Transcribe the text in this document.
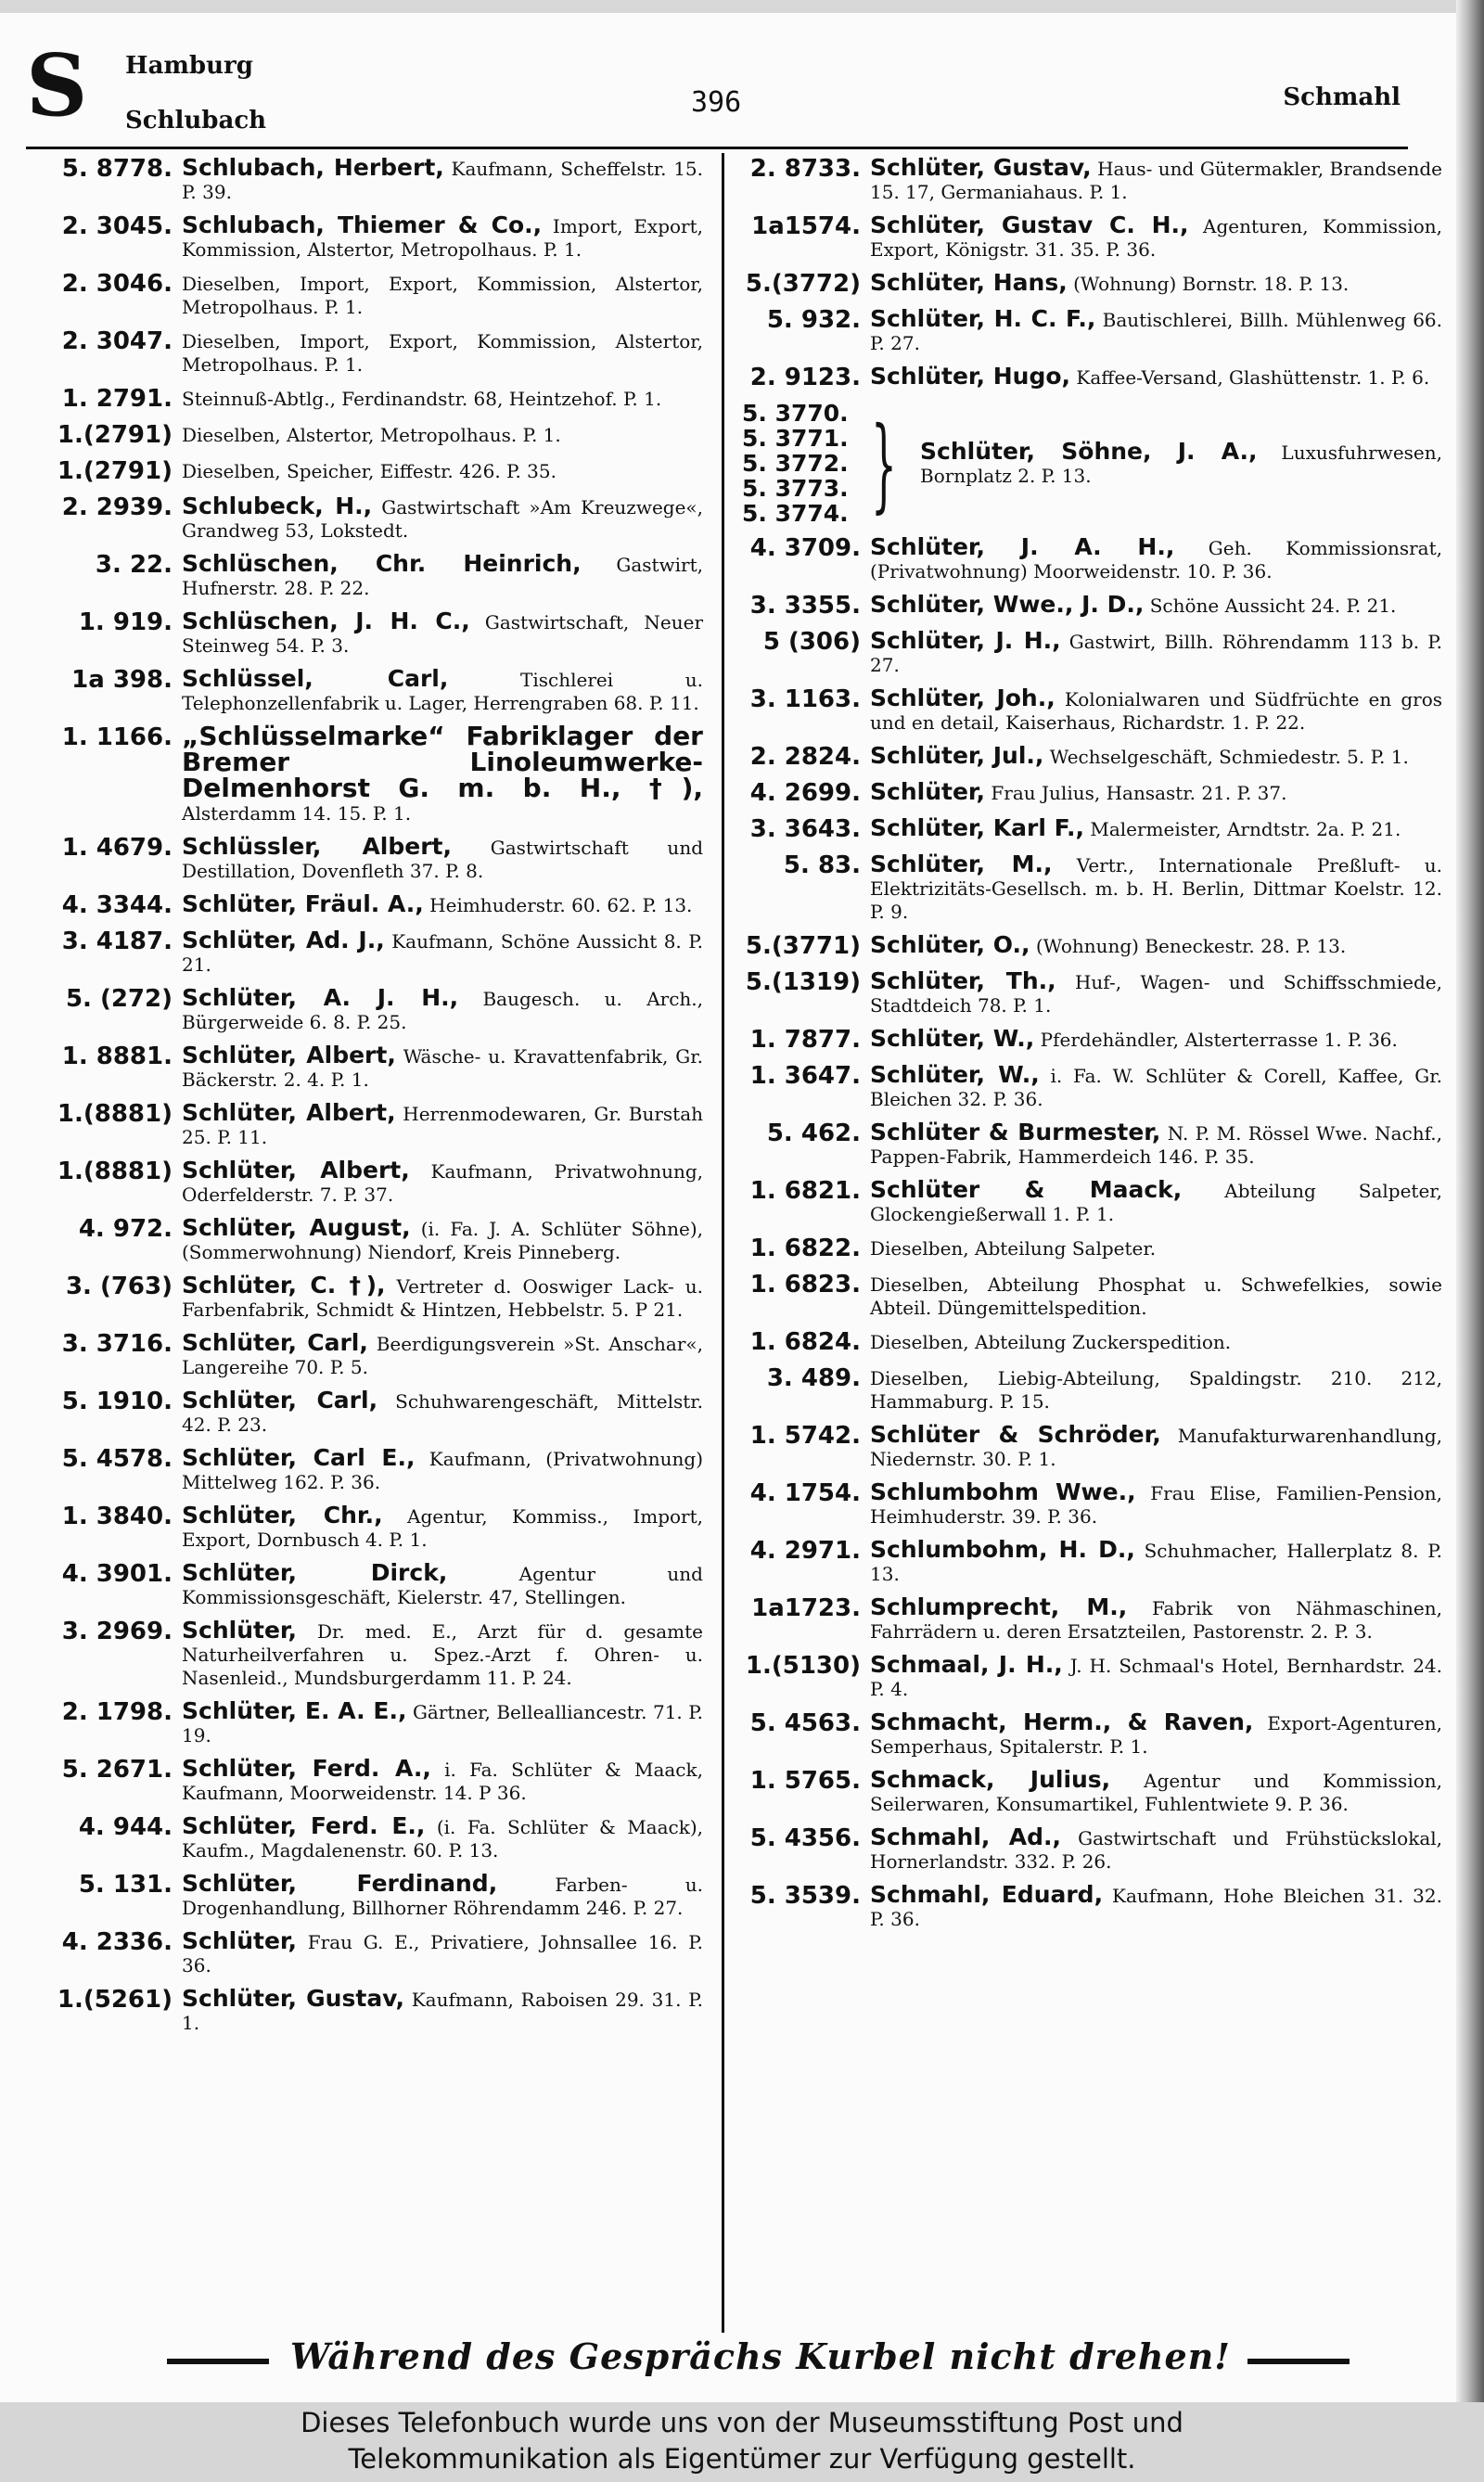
S Hamburg
Schlubach
396	Schmahl
5. 8778. Schlubach, Herbert, Kaufmann, Scheffelstr. 15. P. 39.
2. 3045. Schlubach, Thiemer & Co., Import, Export, Kommission, Alstertor, Metropolhaus. P. 1.
2. 3046. Dieselben, Import, Export, Kommission, Alstertor, Metropolhaus. P. 1.
2. 3047. Dieselben, Import, Export, Kommission, Alstertor, Metropolhaus. P. 1.
1. 2791. Steinnuß-Abtlg., Ferdinandstr. 68, Heintzehof. P. 1.
1.(2791) Dieselben, Alstertor, Metropolhaus. P. 1.
1.(2791) Dieselben, Speicher, Eiffestr. 426. P. 35.
2. 2939. Schlubeck, H., Gastwirtschaft »Am Kreuzwege«, Grandweg 53, Lokstedt.
3. 22. Schlüschen, Chr. Heinrich, Gastwirt, Hufnerstr. 28. P. 22.
1. 919. Schlüschen, J. H. C., Gastwirtschaft, Neuer Steinweg 54. P. 3.
1a 398. Schlüssel, Carl,	Tischlerei u. Telephonzellenfabrik u. Lager, Herrengraben 68. P. 11.
1. 1166. „Schlüsselmarke“ Fabriklager der Bremer Linoleumwerke-Delmenhorst G. m. b. H., †), Alsterdamm 14. 15. P. 1.
1. 4679. Schlüssler, Albert, Gastwirtschaft und Destillation, Dovenfleth 37. P. 8.
4. 3344. Schlüter, Fräul. A., Heimhuderstr. 60. 62. P. 13.
3. 4187. Schlüter, Ad. J., Kaufmann, Schöne Aussicht 8. P. 21.
5. (272) Schlüter, A. J. H., Baugesch. u. Arch., Bürgerweide 6. 8. P. 25.
1. 8881. Schlüter, Albert, Wäsche- u. Kravattenfabrik, Gr. Bäckerstr. 2. 4. P. 1.
1.(8881) Schlüter, Albert, Herrenmodewaren, Gr. Burstah 25. P. 11.
1.(8881) Schlüter, Albert, Kaufmann, Privatwohnung, Oderfelderstr. 7. P. 37.
4. 972. Schlüter, August, (i. Fa. J. A. Schlüter Söhne), (Sommerwohnung) Niendorf, Kreis Pinneberg.
3. (763) Schlüter, C. †), Vertreter d. Ooswiger Lack- u. Farbenfabrik, Schmidt & Hintzen, Hebbelstr. 5. P 21.
3. 3716. Schlüter, Carl, Beerdigungsverein »St. Anschar«, Langereihe 70. P. 5.
5. 1910. Schlüter, Carl, Schuhwarengeschäft, Mittelstr. 42. P. 23.
5. 4578. Schlüter, Carl E., Kaufmann, (Privatwohnung) Mittelweg 162. P. 36.
1. 3840. Schlüter, Chr., Agentur, Kommiss., Import, Export, Dornbusch 4. P. 1.
4. 3901. Schlüter, Dirck,	Agentur und Kommissionsgeschäft, Kielerstr. 47, Stellingen.
3. 2969. Schlüter, Dr. med. E., Arzt für d. gesamte Naturheilverfahren u. Spez.-Arzt f. Ohren- u. Nasenleid., Mundsburgerdamm 11. P. 24.
2. 1798. Schlüter, E. A. E., Gärtner, Bellealliancestr. 71. P. 19.
5. 2671. Schlüter, Ferd. A., i. Fa. Schlüter & Maack, Kaufmann, Moorweidenstr. 14. P 36.
4. 944. Schlüter, Ferd. E., (i. Fa. Schlüter & Maack), Kaufm., Magdalenenstr. 60. P. 13.
5. 131. Schlüter, Ferdinand,	Farben- u. Drogenhandlung, Billhorner Röhrendamm 246. P. 27.
4. 2336. Schlüter, Frau G. E., Privatiere, Johnsallee 16. P. 36.
1.(5261) Schlüter, Gustav, Kaufmann, Raboisen 29. 31. P. 1.
2. 8733. Schlüter, Gustav, Haus- und Gütermakler, Brandsende 15. 17, Germaniahaus. P. 1.
1a1574. Schlüter, Gustav C. H., Agenturen, Kommission, Export, Königstr. 31. 35. P. 36.
5.(3772) Schlüter, Hans, (Wohnung) Bornstr. 18. P. 13.
5. 932. Schlüter, H. C. F., Bautischlerei, Billh. Mühlenweg 66. P. 27.
2. 9123. Schlüter, Hugo, Kaffee-Versand, Glashüttenstr. 1. P. 6.
5. 3770.
5. 3771.
5. 3772.
5. 3773.
5. 3774. } Schlüter, Söhne, J. A., Luxusfuhrwesen, Bornplatz 2. P. 13.
4. 3709. Schlüter, J. A. H., Geh. Kommissionsrat, (Privatwohnung) Moorweidenstr. 10. P. 36.
3. 3355. Schlüter, Wwe., J. D., Schöne Aussicht 24. P. 21.
5 (306) Schlüter, J. H., Gastwirt, Billh. Röhrendamm 113 b. P. 27.
3. 1163. Schlüter, Joh., Kolonialwaren und Südfrüchte en gros und en detail, Kaiserhaus, Richardstr. 1. P. 22.
2. 2824. Schlüter, Jul., Wechselgeschäft, Schmiedestr. 5. P. 1.
4. 2699. Schlüter, Frau Julius, Hansastr. 21. P. 37.
3. 3643. Schlüter, Karl F., Malermeister, Arndtstr. 2a. P. 21.
5. 83. Schlüter, M., Vertr., Internationale Preßluft- u. Elektrizitäts-Gesellsch. m. b. H. Berlin, Dittmar Koelstr. 12. P. 9.
5.(3771) Schlüter, O., (Wohnung) Beneckestr. 28. P. 13.
5.(1319) Schlüter, Th., Huf-, Wagen- und Schiffsschmiede, Stadtdeich 78. P. 1.
1. 7877. Schlüter, W., Pferdehändler, Alsterterrasse 1. P. 36.
1. 3647. Schlüter, W., i. Fa. W. Schlüter & Corell, Kaffee, Gr. Bleichen 32. P. 36.
5. 462. Schlüter & Burmester, N. P. M. Rössel Wwe. Nachf., Pappen-Fabrik, Hammerdeich 146. P. 35.
1. 6821. Schlüter & Maack, Abteilung Salpeter, Glockengießerwall 1. P. 1.
1. 6822. Dieselben, Abteilung Salpeter.
1. 6823. Dieselben, Abteilung Phosphat u. Schwefelkies, sowie Abteil. Düngemittelspedition.
1. 6824. Dieselben, Abteilung Zuckerspedition.
3. 489. Dieselben, Liebig-Abteilung, Spaldingstr. 210. 212, Hammaburg. P. 15.
1. 5742. Schlüter & Schröder, Manufakturwarenhandlung, Niedernstr. 30. P. 1.
4. 1754. Schlumbohm Wwe., Frau Elise, Familien-Pension, Heimhuderstr. 39. P. 36.
4. 2971. Schlumbohm, H. D., Schuhmacher, Hallerplatz 8. P. 13.
1a1723. Schlumprecht, M., Fabrik von Nähmaschinen, Fahrrädern u. deren Ersatzteilen, Pastorenstr. 2. P. 3.
1.(5130) Schmaal, J. H., J. H. Schmaal's Hotel, Bernhardstr. 24. P. 4.
5. 4563. Schmacht, Herm., & Raven, Export-Agenturen, Semperhaus, Spitalerstr. P. 1.
1. 5765. Schmack, Julius, Agentur und Kommission, Seilerwaren, Konsumartikel, Fuhlentwiete 9. P. 36.
5. 4356. Schmahl, Ad., Gastwirtschaft und Frühstückslokal, Hornerlandstr. 332. P. 26.
5. 3539. Schmahl, Eduard, Kaufmann, Hohe Bleichen 31. 32. P. 36.
Während des Gesprächs Kurbel nicht drehen!
Dieses Telefonbuch wurde uns von der Museumsstiftung Post und
Telekommunikation als Eigentümer zur Verfügung gestellt.
